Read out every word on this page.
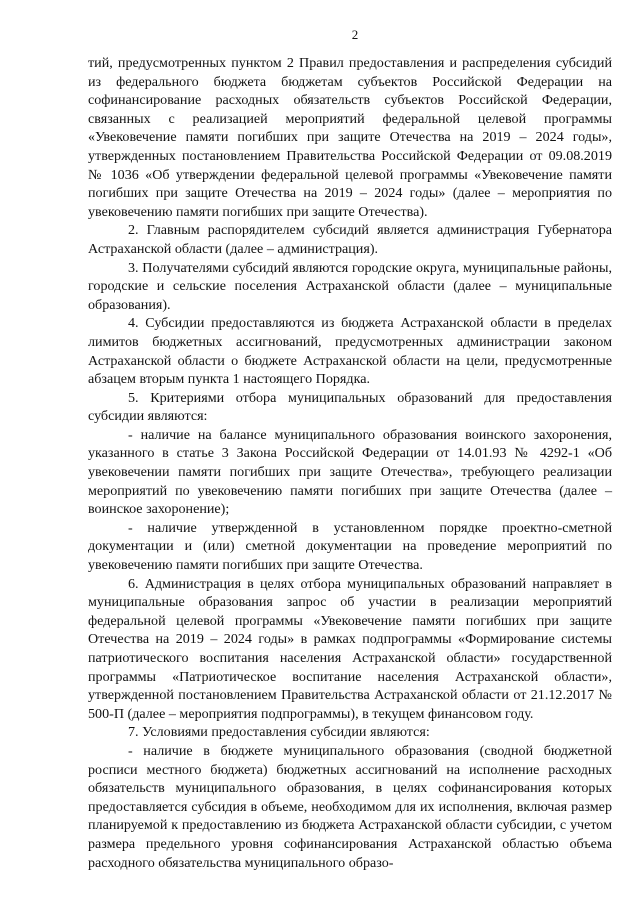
2

тий, предусмотренных пунктом 2 Правил предоставления и распределения субсидий из федерального бюджета бюджетам субъектов Российской Федерации на софинансирование расходных обязательств субъектов Российской Федерации, связанных с реализацией мероприятий федеральной целевой программы «Увековечение памяти погибших при защите Отечества на 2019 – 2024 годы», утвержденных постановлением Правительства Российской Федерации от 09.08.2019 № 1036 «Об утверждении федеральной целевой программы «Увековечение памяти погибших при защите Отечества на 2019 – 2024 годы» (далее – мероприятия по увековечению памяти погибших при защите Отечества).

2. Главным распорядителем субсидий является администрация Губернатора Астраханской области (далее – администрация).

3. Получателями субсидий являются городские округа, муниципальные районы, городские и сельские поселения Астраханской области (далее – муниципальные образования).

4. Субсидии предоставляются из бюджета Астраханской области в пределах лимитов бюджетных ассигнований, предусмотренных администрации законом Астраханской области о бюджете Астраханской области на цели, предусмотренные абзацем вторым пункта 1 настоящего Порядка.

5. Критериями отбора муниципальных образований для предоставления субсидии являются:

- наличие на балансе муниципального образования воинского захоронения, указанного в статье 3 Закона Российской Федерации от 14.01.93 № 4292-1 «Об увековечении памяти погибших при защите Отечества», требующего реализации мероприятий по увековечению памяти погибших при защите Отечества (далее – воинское захоронение);

- наличие утвержденной в установленном порядке проектно-сметной документации и (или) сметной документации на проведение мероприятий по увековечению памяти погибших при защите Отечества.

6. Администрация в целях отбора муниципальных образований направляет в муниципальные образования запрос об участии в реализации мероприятий федеральной целевой программы «Увековечение памяти погибших при защите Отечества на 2019 – 2024 годы» в рамках подпрограммы «Формирование системы патриотического воспитания населения Астраханской области» государственной программы «Патриотическое воспитание населения Астраханской области», утвержденной постановлением Правительства Астраханской области от 21.12.2017 № 500-П (далее – мероприятия подпрограммы), в текущем финансовом году.

7. Условиями предоставления субсидии являются:

- наличие в бюджете муниципального образования (сводной бюджетной росписи местного бюджета) бюджетных ассигнований на исполнение расходных обязательств муниципального образования, в целях софинансирования которых предоставляется субсидия в объеме, необходимом для их исполнения, включая размер планируемой к предоставлению из бюджета Астраханской области субсидии, с учетом размера предельного уровня софинансирования Астраханской областью объема расходного обязательства муниципального образо-
